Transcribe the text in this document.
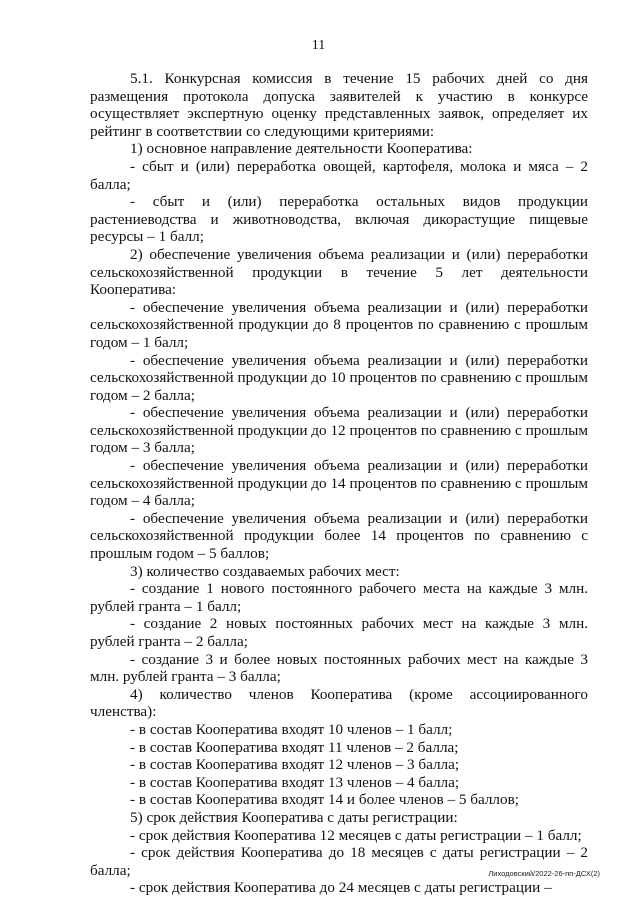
11

5.1. Конкурсная комиссия в течение 15 рабочих дней со дня размещения протокола допуска заявителей к участию в конкурсе осуществляет экспертную оценку представленных заявок, определяет их рейтинг в соответствии со следующими критериями:

1) основное направление деятельности Кооператива:

- сбыт и (или) переработка овощей, картофеля, молока и мяса – 2 балла;

- сбыт и (или) переработка остальных видов продукции растениеводства и животноводства, включая дикорастущие пищевые ресурсы – 1 балл;

2) обеспечение увеличения объема реализации и (или) переработки сельскохозяйственной продукции в течение 5 лет деятельности Кооператива:

- обеспечение увеличения объема реализации и (или) переработки сельскохозяйственной продукции до 8 процентов по сравнению с прошлым годом – 1 балл;

- обеспечение увеличения объема реализации и (или) переработки сельскохозяйственной продукции до 10 процентов по сравнению с прошлым годом – 2 балла;

- обеспечение увеличения объема реализации и (или) переработки сельскохозяйственной продукции до 12 процентов по сравнению с прошлым годом – 3 балла;

- обеспечение увеличения объема реализации и (или) переработки сельскохозяйственной продукции до 14 процентов по сравнению с прошлым годом – 4 балла;

- обеспечение увеличения объема реализации и (или) переработки сельскохозяйственной продукции более 14 процентов по сравнению с прошлым годом – 5 баллов;

3) количество создаваемых рабочих мест:

- создание 1 нового постоянного рабочего места на каждые 3 млн. рублей гранта – 1 балл;

- создание 2 новых постоянных рабочих мест на каждые 3 млн. рублей гранта – 2 балла;

- создание 3 и более новых постоянных рабочих мест на каждые 3 млн. рублей гранта – 3 балла;

4) количество членов Кооператива (кроме ассоциированного членства):

- в состав Кооператива входят 10 членов – 1 балл;

- в состав Кооператива входят 11 членов – 2 балла;

- в состав Кооператива входят 12 членов – 3 балла;

- в состав Кооператива входят 13 членов – 4 балла;

- в состав Кооператива входят 14 и более членов – 5 баллов;

5) срок действия Кооператива с даты регистрации:

- срок действия Кооператива 12 месяцев с даты регистрации – 1 балл;

- срок действия Кооператива до 18 месяцев с даты регистрации – 2 балла;

- срок действия Кооператива до 24 месяцев с даты регистрации –

Лиходовский/2022-26-пп-ДСХ(2)
